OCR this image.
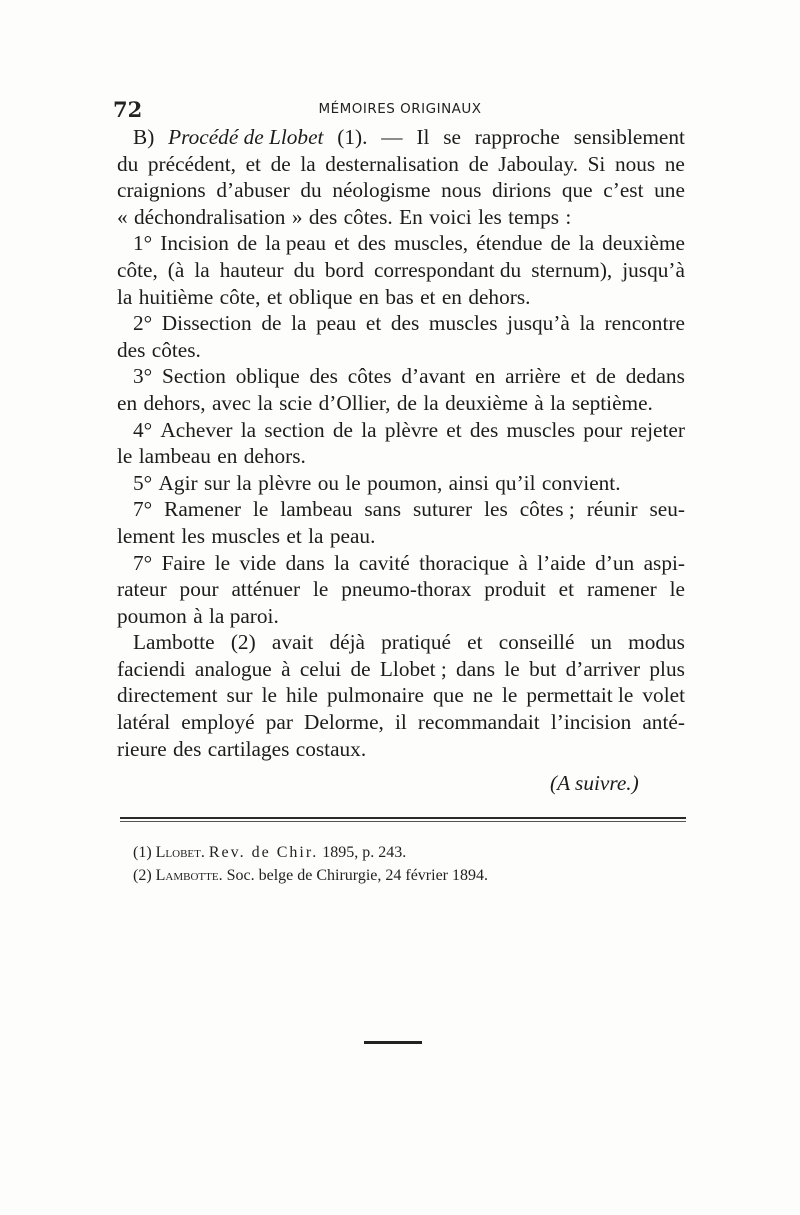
72	MÉMOIRES ORIGINAUX
B) Procédé de Llobet (1). — Il se rapproche sensiblement
du précédent, et de la desternalisation de Jaboulay. Si nous ne
craignions d’abuser du néologisme nous dirions que c’est une
« déchondralisation » des côtes. En voici les temps :
1° Incision de la peau et des muscles, étendue de la deuxième
côte, (à la hauteur du bord correspondant du sternum), jusqu’à
la huitième côte, et oblique en bas et en dehors.
2° Dissection de la peau et des muscles jusqu’à la rencontre
des côtes.
3° Section oblique des côtes d’avant en arrière et de dedans
en dehors, avec la scie d’Ollier, de la deuxième à la septième.
4° Achever la section de la plèvre et des muscles pour rejeter
le lambeau en dehors.
5° Agir sur la plèvre ou le poumon, ainsi qu’il convient.
7° Ramener le lambeau sans suturer les côtes ; réunir seu-
lement les muscles et la peau.
7° Faire le vide dans la cavité thoracique à l’aide d’un aspi-
rateur pour atténuer le pneumo-thorax produit et ramener le
poumon à la paroi.
Lambotte (2) avait déjà pratiqué et conseillé un modus
faciendi analogue à celui de Llobet ; dans le but d’arriver plus
directement sur le hile pulmonaire que ne le permettait le volet
latéral employé par Delorme, il recommandait l’incision anté-
rieure des cartilages costaux.
(A suivre.)
(1) Llobet. Rev. de Chir. 1895, p. 243.
(2) Lambotte. Soc. belge de Chirurgie, 24 février 1894.
